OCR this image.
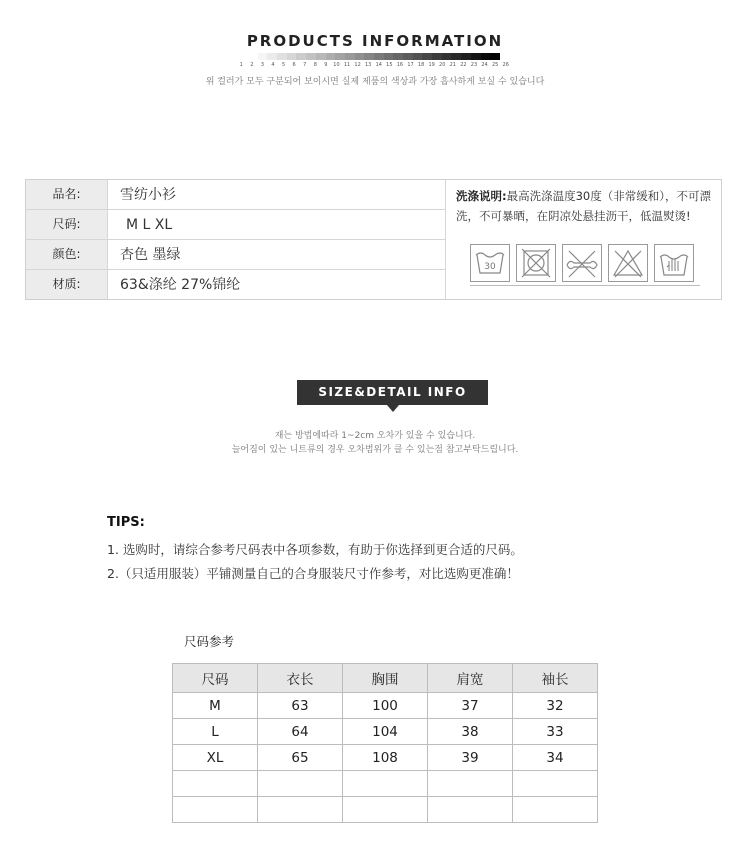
PRODUCTS INFORMATION
1	2	3	4	5	6	7	8	9	10 11 12 13 14 15 16 17 18 19 20 21 22 23 24 25 26
위 컬러가 모두 구분되어 보이시면 실제 제품의 색상과 가장 흡사하게 보실 수 있습니다
品名:	雪纺小衫
尺码:	M L XL
颜色:	杏色 墨绿
材质:	63&涤纶 27%锦纶
洗涤说明:最高洗涤温度30度（非常缓和），不可漂洗，不可暴晒，在阴凉处悬挂沥干，低温熨烫!
30
SIZE&DETAIL INFO
재는 방법에따라 1~2cm 오차가 있을 수 있습니다.
늘어짐이 있는 니트류의 경우 오차범위가 클 수 있는점 참고부탁드립니다.
TIPS:
1. 选购时，请综合参考尺码表中各项参数，有助于你选择到更合适的尺码。
2.（只适用服装）平铺测量自己的合身服装尺寸作参考，对比选购更准确！
尺码参考
尺码	衣长	胸围	肩宽	袖长
M	63	100	37	32
L	64	104	38	33
XL	65	108	39	34
